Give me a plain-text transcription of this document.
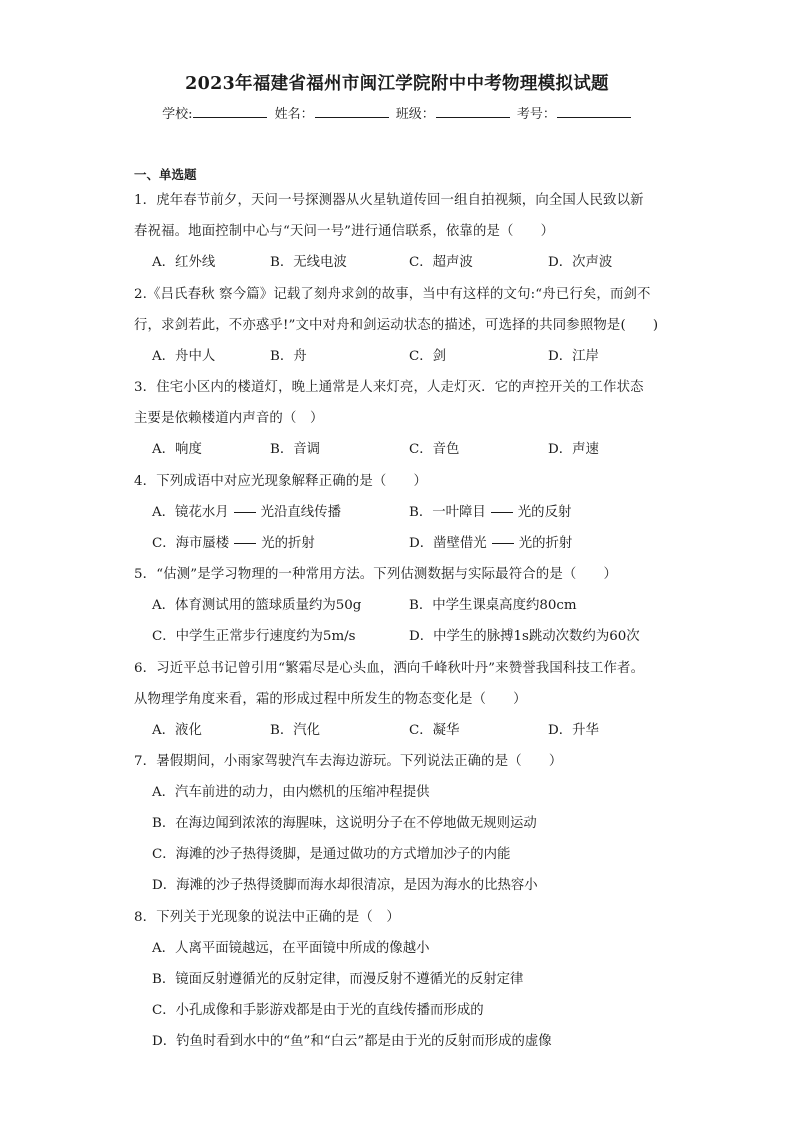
2023年福建省福州市闽江学院附中中考物理模拟试题
学校:	姓名：	班级：	考号：
一、单选题

1．虎年春节前夕，天问一号探测器从火星轨道传回一组自拍视频，向全国人民致以新

春祝福。地面控制中心与“天问一号”进行通信联系，依靠的是（　　）

A．红外线	B．无线电波	C．超声波	D．次声波

2.《吕氏春秋 察今篇》记载了刻舟求剑的故事，当中有这样的文句:“舟已行矣，而剑不

行，求剑若此，不亦惑乎!”文中对舟和剑运动状态的描述，可选择的共同参照物是(　　)

A．舟中人	B．舟	C．剑	D．江岸

3．住宅小区内的楼道灯，晚上通常是人来灯亮，人走灯灭．它的声控开关的工作状态

主要是依赖楼道内声音的（　）

A．响度	B．音调	C．音色	D．声速

4．下列成语中对应光现象解释正确的是（　　）

A．镜花水月 光沿直线传播	B．一叶障目 光的反射
C．海市蜃楼 光的折射	D．凿壁借光 光的折射

5．“估测”是学习物理的一种常用方法。下列估测数据与实际最符合的是（　　）

A．体育测试用的篮球质量约为50g	B．中学生课桌高度约80cm
C．中学生正常步行速度约为5m/s	D．中学生的脉搏1s跳动次数约为60次

6．习近平总书记曾引用“繁霜尽是心头血，洒向千峰秋叶丹”来赞誉我国科技工作者。

从物理学角度来看，霜的形成过程中所发生的物态变化是（　　）

A．液化	B．汽化	C．凝华	D．升华

7．暑假期间，小雨家驾驶汽车去海边游玩。下列说法正确的是（　　）

A．汽车前进的动力，由内燃机的压缩冲程提供
B．在海边闻到浓浓的海腥味，这说明分子在不停地做无规则运动
C．海滩的沙子热得烫脚，是通过做功的方式增加沙子的内能
D．海滩的沙子热得烫脚而海水却很清凉，是因为海水的比热容小

8．下列关于光现象的说法中正确的是（　）

A．人离平面镜越远，在平面镜中所成的像越小
B．镜面反射遵循光的反射定律，而漫反射不遵循光的反射定律
C．小孔成像和手影游戏都是由于光的直线传播而形成的
D．钓鱼时看到水中的“鱼”和“白云”都是由于光的反射而形成的虚像
